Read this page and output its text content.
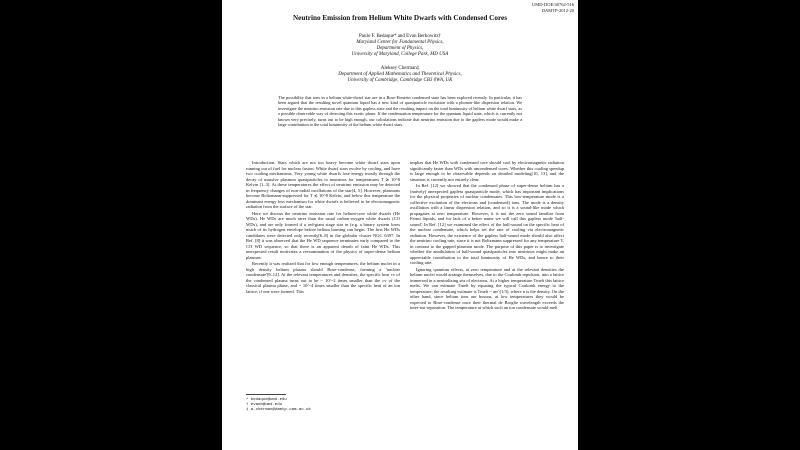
UMD-DOE/40762-516
DAMTP-2012-20
Neutrino Emission from Helium White Dwarfs with Condensed Cores
Paulo F. Bedaque* and Evan Berkowitz†
Maryland Center for Fundamental Physics,
Department of Physics,
University of Maryland, College Park, MD USA
Aleksey Cherman‡
Department of Applied Mathematics and Theoretical Physics,
University of Cambridge, Cambridge CB3 0WA, UK
The possibility that ions in a helium white-dwarf star are in a Bose-Einstein condensed state has been explored recently. In particular, it has been argued that the resulting novel quantum liquid has a new kind of quasiparticle excitation with a phonon-like dispersion relation. We investigate the neutrino emission rate due to this gapless state and the resulting impact on the total luminosity of helium white dwarf stars, as a possible observable way of detecting this exotic phase. If the condensation temperature for the quantum liquid state, which is currently not known very precisely, turns out to be high enough, our calculations indicate that neutrino emission due to the gapless mode would make a large contribution to the total luminosity of the helium white dwarf stars.

Introduction. Stars which are not too heavy become white dwarf stars upon running out of fuel for nuclear fusion. White dwarf stars evolve by cooling, and have two cooling mechanisms. Very young white dwarfs lose energy mostly through the decay of massive plasmon quasiparticles to neutrinos for temperatures T ≳ 10^8 Kelvin [1–3]. At these temperatures the effect of neutrino emission may be detected in frequency changes of non-radial oscillations of the star[4, 5]. However, plasmons become Boltzmann-suppressed for T ≲ 10^8 Kelvin, and below this temperature the dominant energy loss mechanism for white dwarfs is believed to be electromagnetic radiation from the surface of the star.

Here we discuss the neutrino emission rate for helium-core white dwarfs (He WDs). He WDs are much rarer than the usual carbon-oxygen white dwarfs (CO WDs), and are only formed if a red-giant stage star in (e.g. a binary system loses much of its hydrogen envelope before helium burning can begin. The first He WDs candidates were detected only recently[6–8] in the globular cluster NGC 6397. In Ref. [8] it was observed that the He WD sequence terminates early compared to the CO WD sequence, so that there is an apparent dearth of faint He WDs. This unexpected result motivates a reexamination of the physics of super-dense helium plasmas.

Recently it was realized that for low enough temperatures, the helium nuclei in a high density helium plasma should Bose-condense, forming a 'nuclear condensate'[9–12]. At the relevant temperatures and densities, the specific heat cv of the condensed plasma turns out to be ~ 10^-2 times smaller than the cv of the classical plasma phase, and ~ 10^-4 times smaller than the specific heat of an ion lattice, if one were formed. This

implies that He WDs with condensed core should cool by electromagnetic radiation significantly faster than WDs with uncondensed cores. Whether this cooling speedup is large enough to be observable depends on detailed modeling[10, 13], and the situation is currently not entirely clear.

In Ref. [12] we showed that the condensed phase of super-dense helium has a (naively) unexpected gapless quasiparticle mode, which has important implications for the physical properties of nuclear condensates. This low-temperature mode is a collective excitation of the electrons and (condensed) ions. The mode is a density oscillation with a linear dispersion relation, and so it is a sound-like mode which propagates at zero temperature. However, it is not the zero sound familiar from Fermi liquids, and for lack of a better name we will call this gapless mode 'half-sound'. In Ref. [12] we examined the effect of the half-sound on the specific heat of the nuclear condensate, which helps set the rate of cooling via electromagnetic radiation. However, the existence of the gapless half-sound mode should also affect the neutrino cooling rate, since it is not Boltzmann suppressed for any temperature T, in contrast to the gapped plasmon mode. The purpose of this paper is to investigate whether the annihilation of half-sound quasiparticles into neutrinos might make an appreciable contribution to the total luminosity of He WDs, and hence to their cooling rate.

Ignoring quantum effects, at zero temperature and at the relevant densities the helium nuclei would arrange themselves, due to the Coulomb repulsion, into a lattice immersed in a neutralizing sea of electrons. At a higher temperature Tmelt this lattice melts. We can estimate Tmelt by equating the typical Coulomb energy to the temperature; the resulting estimate is Tmelt ~ αn^(1/3), where n is the density. On the other hand, since helium ions are bosons, at low temperatures they would be expected to Bose-condense once their thermal de Broglie wavelength exceeds the inter-ion separation. The temperature at which such an ion condensate would melt

* bedaque@umd.edu
† evanb@umd.edu
‡ a.cherman@damtp.cam.ac.uk
